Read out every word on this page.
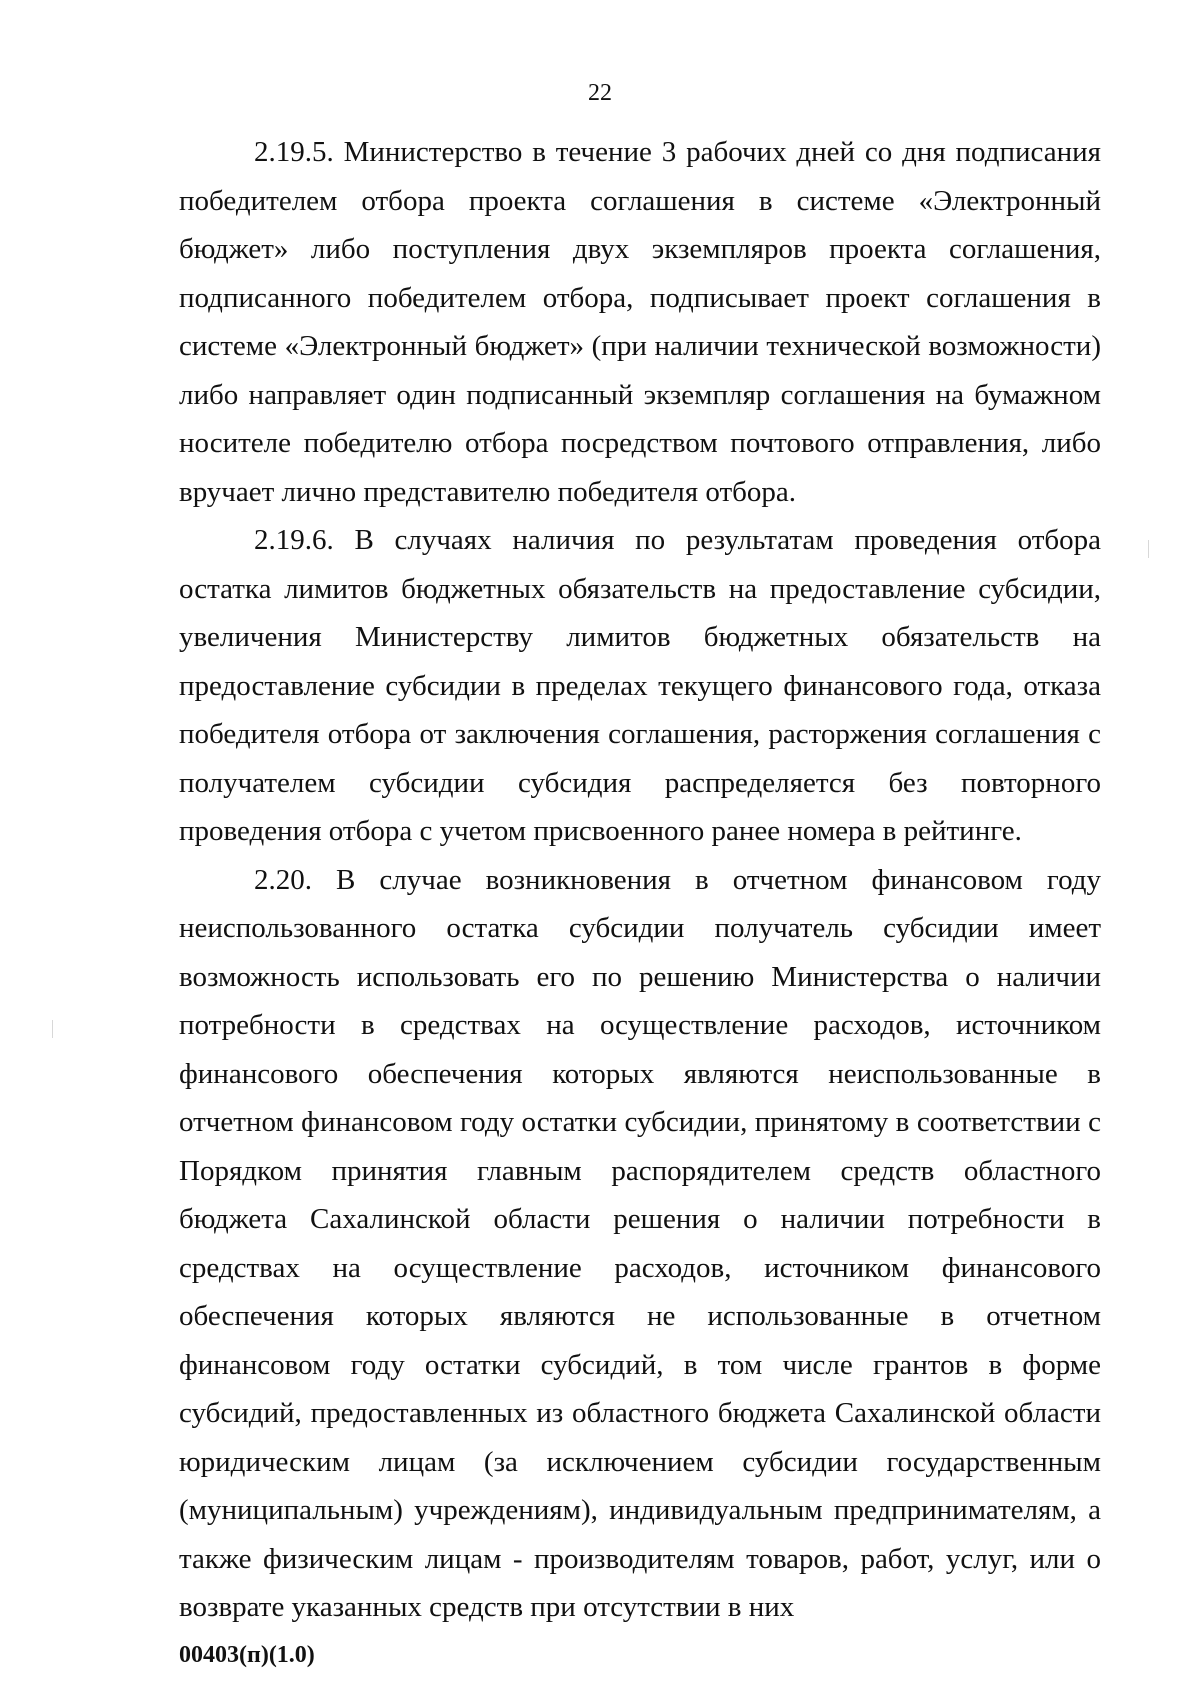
22

2.19.5. Министерство в течение 3 рабочих дней со дня подписания победителем отбора проекта соглашения в системе «Электронный бюджет» либо поступления двух экземпляров проекта соглашения, подписанного победителем отбора, подписывает проект соглашения в системе «Электронный бюджет» (при наличии технической возможности) либо направляет один подписанный экземпляр соглашения на бумажном носителе победителю отбора посредством почтового отправления, либо вручает лично представителю победителя отбора.

2.19.6. В случаях наличия по результатам проведения отбора остатка лимитов бюджетных обязательств на предоставление субсидии, увеличения Министерству лимитов бюджетных обязательств на предоставление субсидии в пределах текущего финансового года, отказа победителя отбора от заключения соглашения, расторжения соглашения с получателем субсидии субсидия распределяется без повторного проведения отбора с учетом присвоенного ранее номера в рейтинге.

2.20. В случае возникновения в отчетном финансовом году неиспользованного остатка субсидии получатель субсидии имеет возможность использовать его по решению Министерства о наличии потребности в средствах на осуществление расходов, источником финансового обеспечения которых являются неиспользованные в отчетном финансовом году остатки субсидии, принятому в соответствии с Порядком принятия главным распорядителем средств областного бюджета Сахалинской области решения о наличии потребности в средствах на осуществление расходов, источником финансового обеспечения которых являются не использованные в отчетном финансовом году остатки субсидий, в том числе грантов в форме субсидий, предоставленных из областного бюджета Сахалинской области юридическим лицам (за исключением субсидии государственным (муниципальным) учреждениям), индивидуальным предпринимателям, а также физическим лицам - производителям товаров, работ, услуг, или о возврате указанных средств при отсутствии в них

00403(п)(1.0)
